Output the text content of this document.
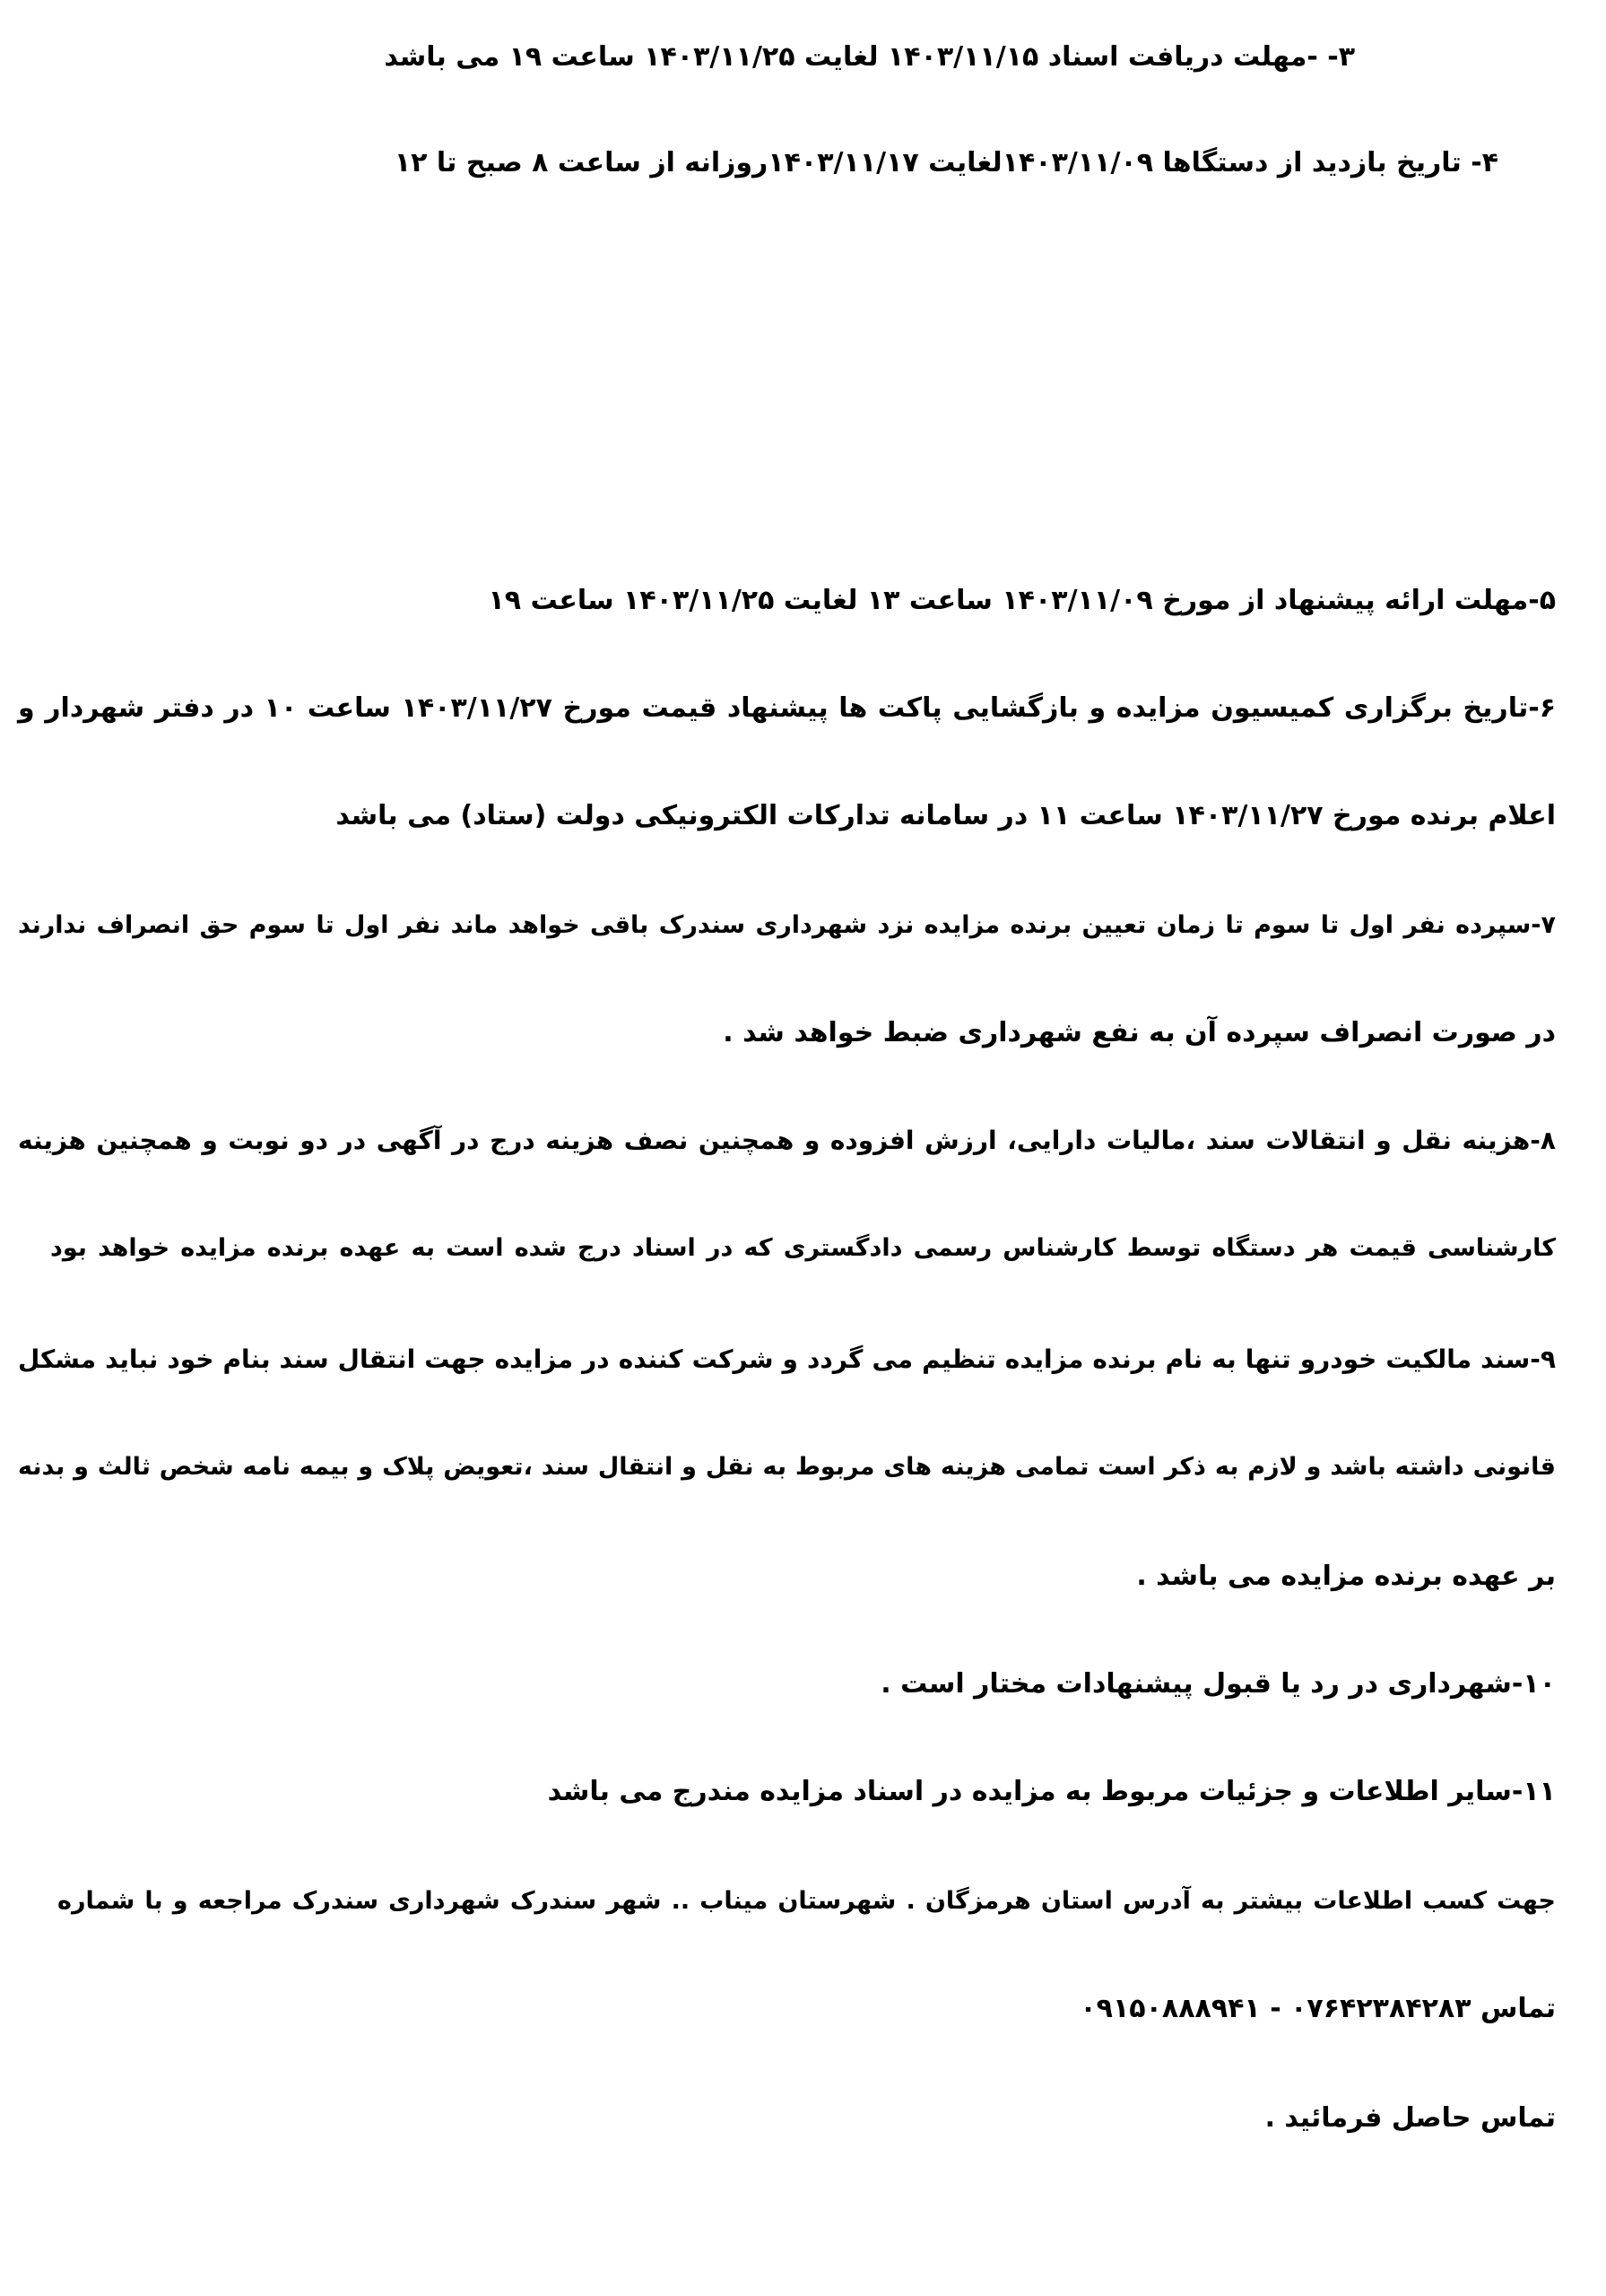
۳- -مهلت دریافت اسناد ۱۴۰۳/۱۱/۱۵ لغایت ۱۴۰۳/۱۱/۲۵ ساعت ۱۹ می باشد
۴- تاریخ بازدید از دستگاها ۱۴۰۳/۱۱/۰۹لغایت ۱۴۰۳/۱۱/۱۷روزانه از ساعت ۸ صبح تا ۱۲
۵-مهلت ارائه پیشنهاد از مورخ ۱۴۰۳/۱۱/۰۹ ساعت ۱۳ لغایت ۱۴۰۳/۱۱/۲۵ ساعت ۱۹
۶-تاریخ برگزاری کمیسیون مزایده و بازگشایی پاکت ها پیشنهاد قیمت مورخ ۱۴۰۳/۱۱/۲۷ ساعت ۱۰ در دفتر شهردار و
اعلام برنده مورخ ۱۴۰۳/۱۱/۲۷ ساعت ۱۱ در سامانه تدارکات الکترونیکی دولت (ستاد) می باشد
۷-سپرده نفر اول تا سوم تا زمان تعیین برنده مزایده نزد شهرداری سندرک باقی خواهد ماند نفر اول تا سوم حق انصراف ندارند
در صورت انصراف سپرده آن به نفع شهرداری ضبط خواهد شد .
۸-هزینه نقل و انتقالات سند ،مالیات دارایی، ارزش افزوده و همچنین نصف هزینه درج در آگهی در دو نوبت و همچنین هزینه
کارشناسی قیمت هر دستگاه توسط کارشناس رسمی دادگستری که در اسناد درج شده است به عهده برنده مزایده خواهد بود
۹-سند مالکیت خودرو تنها به نام برنده مزایده تنظیم می گردد و شرکت کننده در مزایده جهت انتقال سند بنام خود نباید مشکل
قانونی داشته باشد و لازم به ذکر است تمامی هزینه های مربوط به نقل و انتقال سند ،تعویض پلاک و بیمه نامه شخص ثالث و بدنه
بر عهده برنده مزایده می باشد .
۱۰-شهرداری در رد یا قبول پیشنهادات مختار است .
۱۱-سایر اطلاعات و جزئیات مربوط به مزایده در اسناد مزایده مندرج می باشد
جهت کسب اطلاعات بیشتر به آدرس استان هرمزگان . شهرستان میناب .. شهر سندرک شهرداری سندرک مراجعه و با شماره
تماس ۰۷۶۴۲۳۸۴۲۸۳ - ۰۹۱۵۰۸۸۸۹۴۱
تماس حاصل فرمائید .
